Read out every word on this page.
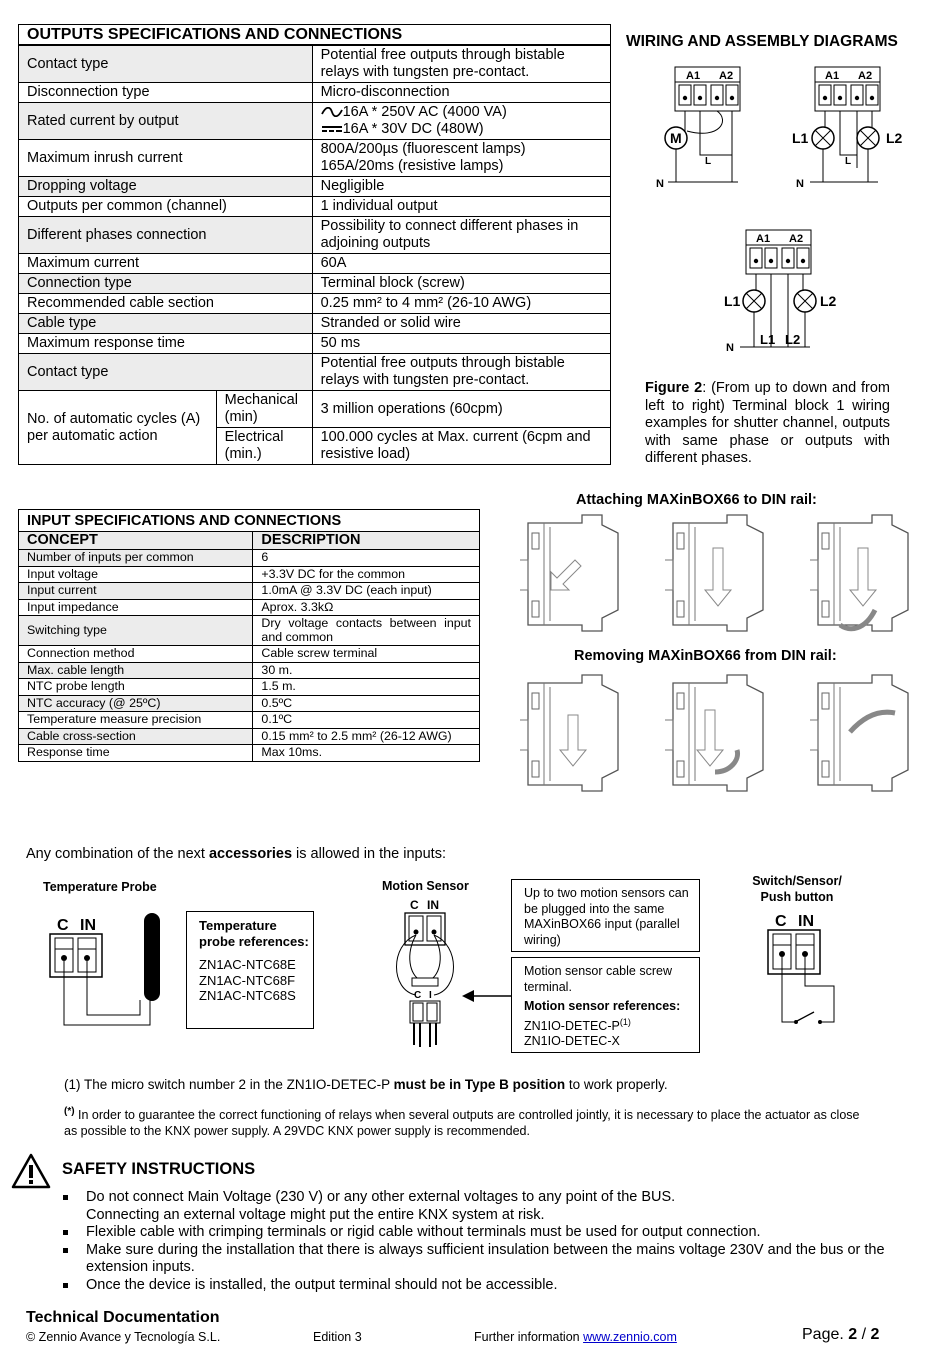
OUTPUTS SPECIFICATIONS AND CONNECTIONS		
Contact type		Potential free outputs through bistable relays with tungsten pre-contact.
Disconnection type		Micro-disconnection
Rated current by output		16A * 250V AC (4000 VA)
16A * 30V DC (480W)

Maximum inrush current		800A/200µs (fluorescent lamps)
165A/20ms (resistive lamps)

Dropping voltage		Negligible
Outputs per common (channel)		1 individual output
Different phases connection		Possibility to connect different phases in adjoining outputs
Maximum current		60A
Connection type		Terminal block (screw)
Recommended cable section		0.25 mm² to 4 mm² (26-10 AWG)
Cable type		Stranded or solid wire
Maximum response time		50 ms
Contact type		Potential free outputs through bistable relays with tungsten pre-contact.
No. of automatic cycles (A) per automatic action	Mechanical (min)	3 million operations (60cpm)
	Electrical (min.)	100.000 cycles at Max. current (6cpm and resistive load)
WIRING AND ASSEMBLY DIAGRAMS
A1 A2
M
L
N
A1 A2
L1	L2
L
N
A1 A2
L1	L2
L1 L2
N
Figure 2: (From up to down and from left to right) Terminal block 1 wiring examples for shutter channel, outputs with same phase or outputs with different phases.
INPUT SPECIFICATIONS AND CONNECTIONS	
CONCEPT	DESCRIPTION
Number of inputs per common	6
Input voltage	+3.3V DC for the common
Input current	1.0mA @ 3.3V DC (each input)
Input impedance	Aprox. 3.3kΩ
Switching type	Dry voltage contacts between input and common
Connection method	Cable screw terminal
Max. cable length	30 m.
NTC probe length	1.5 m.
NTC accuracy (@ 25ºC)	0.5ºC
Temperature measure precision	0.1ºC
Cable cross-section	0.15 mm² to 2.5 mm² (26-12 AWG)
Response time	Max 10ms.
Attaching MAXinBOX66 to DIN rail:
Removing MAXinBOX66 from DIN rail:
Any combination of the next accessories is allowed in the inputs:
Temperature Probe
C IN	Temperature probe references:
ZN1AC-NTC68E
ZN1AC-NTC68F
ZN1AC-NTC68S
Motion Sensor
C IN
C I
Up to two motion sensors can be plugged into the same MAXinBOX66 input (parallel wiring)
Motion sensor cable screw terminal.
Motion sensor references:
$ZN1IO-DETEC-P^{(1)}$
ZN1IO-DETEC-X
Switch/Sensor/ Push button
C IN
(1) The micro switch number 2 in the ZN1IO-DETEC-P must be in Type B position to work properly.
(*) In order to guarantee the correct functioning of relays when several outputs are controlled jointly, it is necessary to place the actuator as close as possible to the KNX power supply. A 29VDC KNX power supply is recommended.
SAFETY INSTRUCTIONS
Do not connect Main Voltage (230 V) or any other external voltages to any point of the BUS. Connecting an external voltage might put the entire KNX system at risk.
Flexible cable with crimping terminals or rigid cable without terminals must be used for output connection.
Make sure during the installation that there is always sufficient insulation between the mains voltage 230V and the bus or the extension inputs.
Once the device is installed, the output terminal should not be accessible.
Technical Documentation
© Zennio Avance y Tecnología S.L.	Edition 3	Further information www.zennio.com	Page. 2 / 2
